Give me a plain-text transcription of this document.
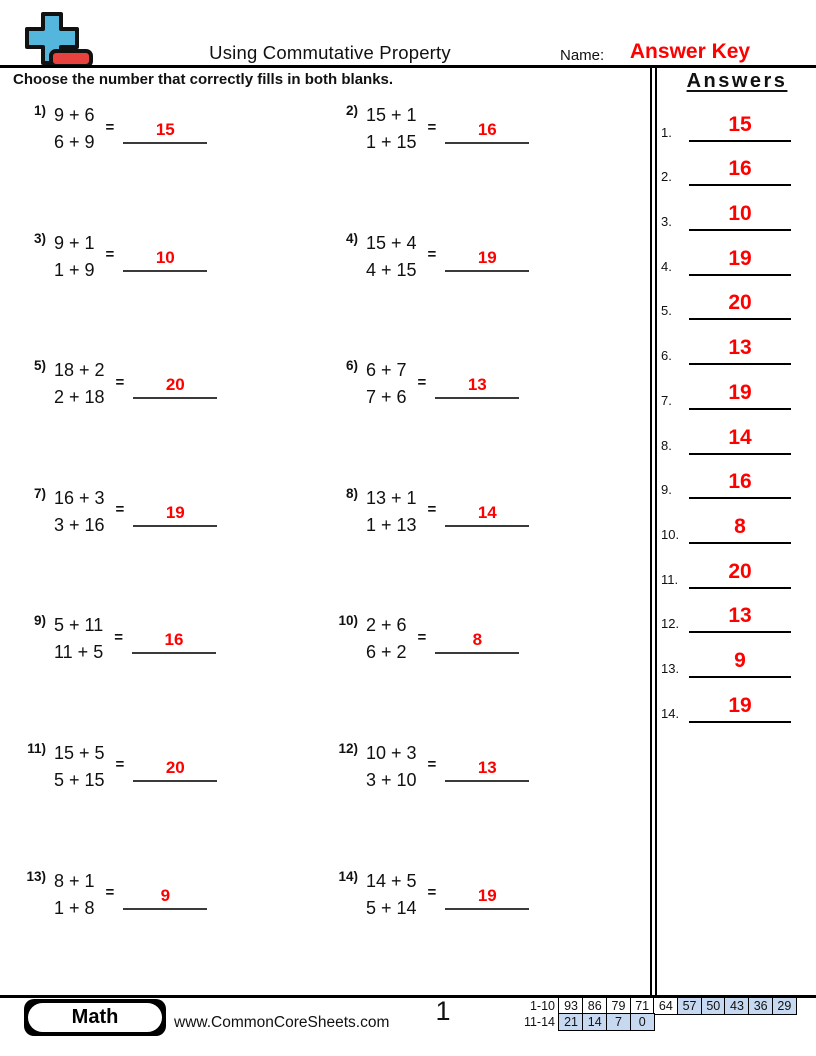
Using Commutative Property	Name:	Answer Key
Choose the number that correctly fills in both blanks.
1) 9 + 6
6 + 9
= 15
2) 15 + 1
1 + 15
= 16
3) 9 + 1
1 + 9
= 10
4) 15 + 4
4 + 15
= 19
5) 18 + 2
2 + 18
= 20
6) 6 + 7
7 + 6
= 13
7) 16 + 3
3 + 16
= 19
8) 13 + 1
1 + 13
= 14
9) 5 + 11
11 + 5
= 16
10) 2 + 6
6 + 2
=	8
11) 15 + 5
5 + 15
= 20
12) 10 + 3
3 + 10
= 13
13) 8 + 1
1 + 8
=	9
14) 14 + 5
5 + 14
= 19
Answers
1.	15
2.	16
3.	10
4.	19
5.	20
6.	13
7.	19
8.	14
9.	16
10.	8
11.	20
12.	13
13.	9
14.	19
Math	www.CommonCoreSheets.com	1	1-10 93 86 79 71 64 57 50 43 36 29
11-14 21 14 7 0
